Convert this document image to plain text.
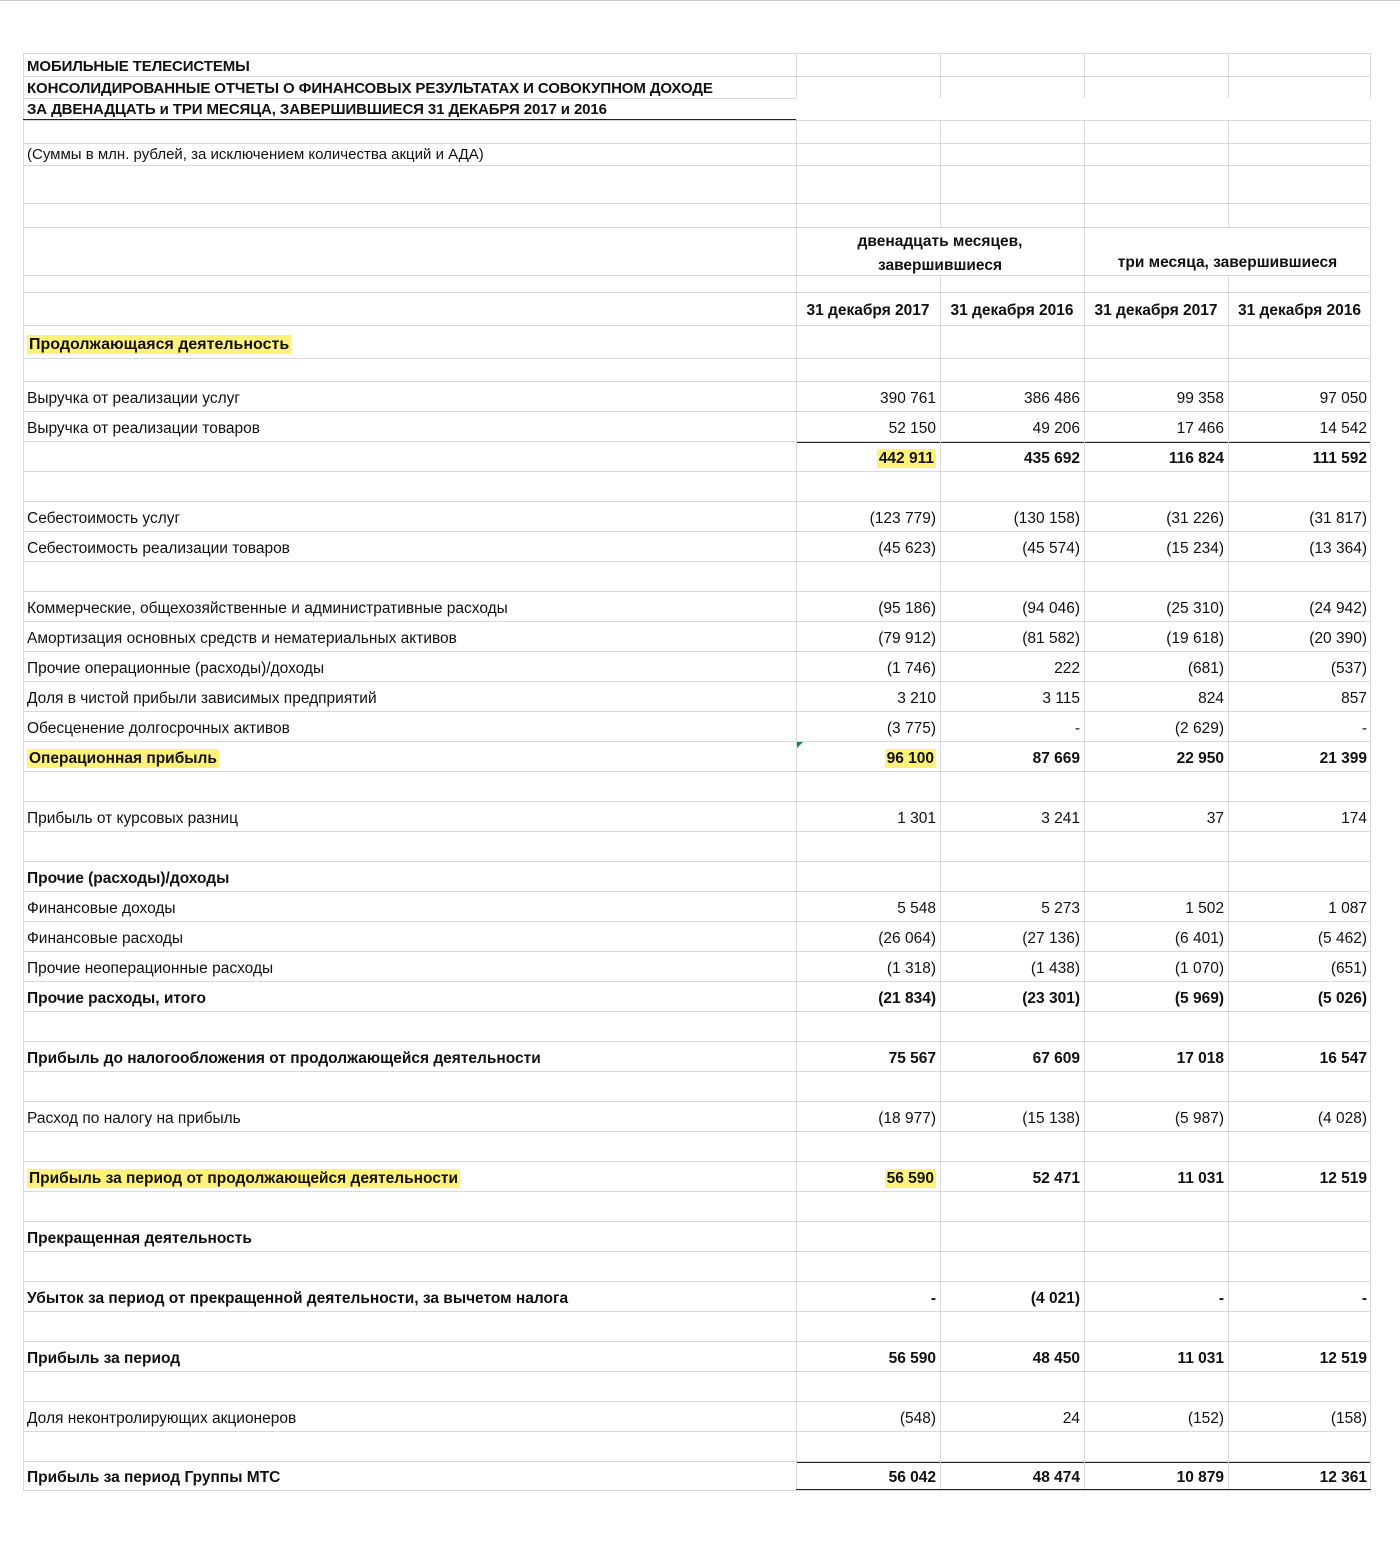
МОБИЛЬНЫЕ ТЕЛЕСИСТЕМЫ
КОНСОЛИДИРОВАННЫЕ ОТЧЕТЫ О ФИНАНСОВЫХ РЕЗУЛЬТАТАХ И СОВОКУПНОМ ДОХОДЕ
ЗА ДВЕНАДЦАТЬ и ТРИ МЕСЯЦА, ЗАВЕРШИВШИЕСЯ 31 ДЕКАБРЯ 2017 и 2016
(Суммы в млн. рублей, за исключением количества акций и АДА)
двенадцать месяцев, завершившиеся	три месяца, завершившиеся
31 декабря 2017	31 декабря 2016	31 декабря 2017	31 декабря 2016
Продолжающаяся деятельность
Выручка от реализации услуг	390 761	386 486	99 358	97 050
Выручка от реализации товаров	52 150	49 206	17 466	14 542
442 911	435 692	116 824	111 592
Себестоимость услуг	(123 779)	(130 158)	(31 226)	(31 817)
Себестоимость реализации товаров	(45 623)	(45 574)	(15 234)	(13 364)
Коммерческие, общехозяйственные и административные расходы	(95 186)	(94 046)	(25 310)	(24 942)
Амортизация основных средств и нематериальных активов	(79 912)	(81 582)	(19 618)	(20 390)
Прочие операционные (расходы)/доходы	(1 746)	222	(681)	(537)
Доля в чистой прибыли зависимых предприятий	3 210	3 115	824	857
Обесценение долгосрочных активов	(3 775)	-	(2 629)	-
Операционная прибыль	96 100	87 669	22 950	21 399
Прибыль от курсовых разниц	1 301	3 241	37	174
Прочие (расходы)/доходы
Финансовые доходы	5 548	5 273	1 502	1 087
Финансовые расходы	(26 064)	(27 136)	(6 401)	(5 462)
Прочие неоперационные расходы	(1 318)	(1 438)	(1 070)	(651)
Прочие расходы, итого	(21 834)	(23 301)	(5 969)	(5 026)
Прибыль до налогообложения от продолжающейся деятельности	75 567	67 609	17 018	16 547
Расход по налогу на прибыль	(18 977)	(15 138)	(5 987)	(4 028)
Прибыль за период от продолжающейся деятельности	56 590	52 471	11 031	12 519
Прекращенная деятельность
Убыток за период от прекращенной деятельности, за вычетом налога	-	(4 021)	-	-
Прибыль за период	56 590	48 450	11 031	12 519
Доля неконтролирующих акционеров	(548)	24	(152)	(158)
Прибыль за период Группы МТС	56 042	48 474	10 879	12 361
